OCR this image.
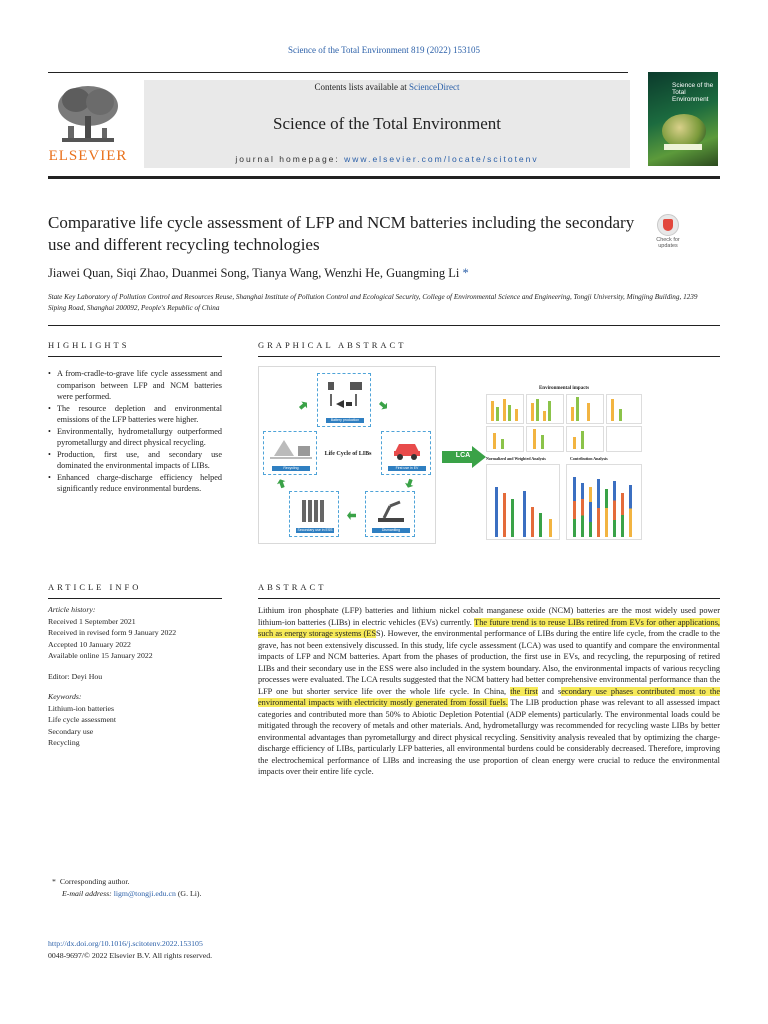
Science of the Total Environment 819 (2022) 153105
ELSEVIER
Contents lists available at ScienceDirect
Science of the Total Environment
journal homepage: www.elsevier.com/locate/scitotenv
Science of the Total Environment
Comparative life cycle assessment of LFP and NCM batteries including the secondary use and different recycling technologies	Check for updates
Jiawei Quan, Siqi Zhao, Duanmei Song, Tianya Wang, Wenzhi He, Guangming Li *
State Key Laboratory of Pollution Control and Resources Reuse, Shanghai Institute of Pollution Control and Ecological Security, College of Environmental Science and Engineering, Tongji University, Mingjing Building, 1239 Siping Road, Shanghai 200092, People's Republic of China
HIGHLIGHTS	GRAPHICAL ABSTRACT
• A from-cradle-to-grave life cycle assessment and comparison between LFP and NCM batteries were performed.
• The resource depletion and environmental emissions of the LFP batteries were higher.
• Environmentally, hydrometallurgy outperformed pyrometallurgy and direct physical recycling.
• Production, first use, and secondary use dominated the environmental impacts of LIBs.
• Enhanced charge-discharge efficiency helped significantly reduce environmental burdens.
Battery production
Recycling	First use in EV
Secondary use in ESS	Dismantling
Life Cycle of LIBs	LCA
Environmental impacts
Normalized and Weighted Analysis	Contribution Analysis
ARTICLE INFO	ABSTRACT
Article history:
Received 1 September 2021
Received in revised form 9 January 2022
Accepted 10 January 2022
Available online 15 January 2022
Editor: Deyi Hou
Keywords:
Lithium-ion batteries
Life cycle assessment
Secondary use
Recycling
Lithium iron phosphate (LFP) batteries and lithium nickel cobalt manganese oxide (NCM) batteries are the most widely used power lithium-ion batteries (LIBs) in electric vehicles (EVs) currently. The future trend is to reuse LIBs retired from EVs for other applications, such as energy storage systems (ESS). However, the environmental performance of LIBs during the entire life cycle, from the cradle to the grave, has not been extensively discussed. In this study, life cycle assessment (LCA) was used to quantify and compare the environmental impacts of LFP and NCM batteries. Apart from the phases of production, the first use in EVs, and recycling, the repurposing of retired LIBs and their secondary use in the ESS were also included in the system boundary. Also, the environmental impacts of various recycling processes were evaluated. The LCA results suggested that the NCM battery had better comprehensive environmental performance than the LFP one but shorter service life over the whole life cycle. In China, the first and secondary use phases contributed most to the environmental impacts with electricity mostly generated from fossil fuels. The LIB production phase was relevant to all assessed impact categories and contributed more than 50% to Abiotic Depletion Potential (ADP elements) particularly. The environmental loads could be mitigated through the recovery of metals and other materials. And, hydrometallurgy was recommended for recycling waste LIBs by better environmental advantages than pyrometallurgy and direct physical recycling. Sensitivity analysis revealed that by optimizing the charge-discharge efficiency of LIBs, particularly LFP batteries, all environmental burdens could be considerably decreased. Therefore, improving the electrochemical performance of LIBs and increasing the use proportion of clean energy were crucial to reduce the environmental impacts over their entire life cycle.
* Corresponding author.
E-mail address: ligm@tongji.edu.cn (G. Li).
http://dx.doi.org/10.1016/j.scitotenv.2022.153105
0048-9697/© 2022 Elsevier B.V. All rights reserved.
